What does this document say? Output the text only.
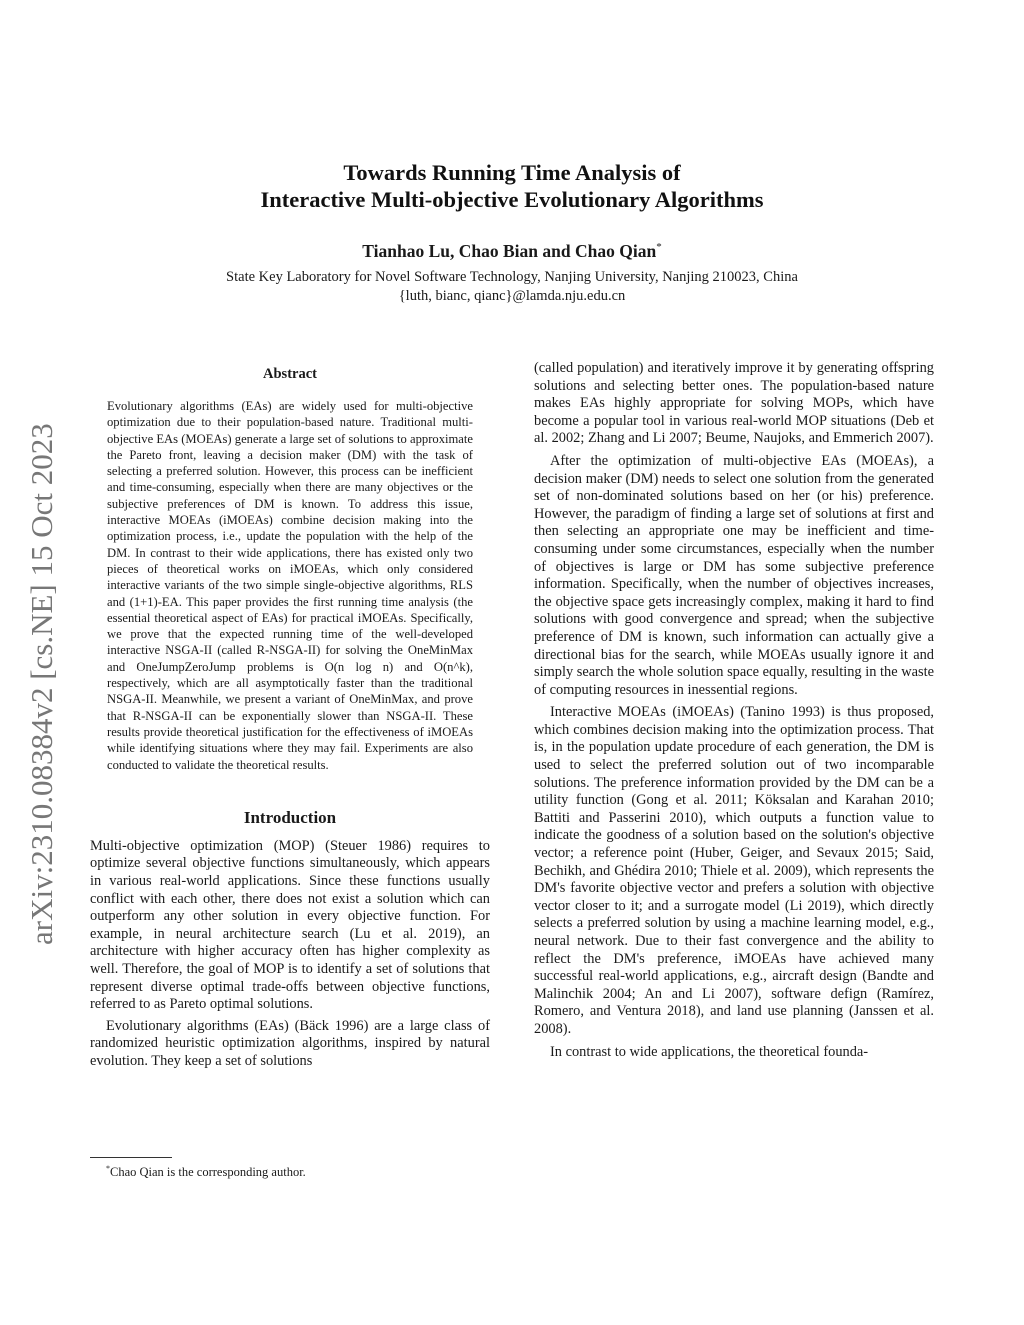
arXiv:2310.08384v2 [cs.NE] 15 Oct 2023
Towards Running Time Analysis of
Interactive Multi-objective Evolutionary Algorithms
Tianhao Lu, Chao Bian and Chao Qian*
State Key Laboratory for Novel Software Technology, Nanjing University, Nanjing 210023, China
{luth, bianc, qianc}@lamda.nju.edu.cn
Abstract
Evolutionary algorithms (EAs) are widely used for multi-objective optimization due to their population-based nature. Traditional multi-objective EAs (MOEAs) generate a large set of solutions to approximate the Pareto front, leaving a decision maker (DM) with the task of selecting a preferred solution. However, this process can be inefficient and time-consuming, especially when there are many objectives or the subjective preferences of DM is known. To address this issue, interactive MOEAs (iMOEAs) combine decision making into the optimization process, i.e., update the population with the help of the DM. In contrast to their wide applications, there has existed only two pieces of theoretical works on iMOEAs, which only considered interactive variants of the two simple single-objective algorithms, RLS and (1+1)-EA. This paper provides the first running time analysis (the essential theoretical aspect of EAs) for practical iMOEAs. Specifically, we prove that the expected running time of the well-developed interactive NSGA-II (called R-NSGA-II) for solving the OneMinMax and OneJumpZeroJump problems is O(n log n) and O(n^k), respectively, which are all asymptotically faster than the traditional NSGA-II. Meanwhile, we present a variant of OneMinMax, and prove that R-NSGA-II can be exponentially slower than NSGA-II. These results provide theoretical justification for the effectiveness of iMOEAs while identifying situations where they may fail. Experiments are also conducted to validate the theoretical results.
Introduction

Multi-objective optimization (MOP) (Steuer 1986) requires to optimize several objective functions simultaneously, which appears in various real-world applications. Since these functions usually conflict with each other, there does not exist a solution which can outperform any other solution in every objective function. For example, in neural architecture search (Lu et al. 2019), an architecture with higher accuracy often has higher complexity as well. Therefore, the goal of MOP is to identify a set of solutions that represent diverse optimal trade-offs between objective functions, referred to as Pareto optimal solutions.

Evolutionary algorithms (EAs) (Bäck 1996) are a large class of randomized heuristic optimization algorithms, inspired by natural evolution. They keep a set of solutions

(called population) and iteratively improve it by generating offspring solutions and selecting better ones. The population-based nature makes EAs highly appropriate for solving MOPs, which have become a popular tool in various real-world MOP situations (Deb et al. 2002; Zhang and Li 2007; Beume, Naujoks, and Emmerich 2007).

After the optimization of multi-objective EAs (MOEAs), a decision maker (DM) needs to select one solution from the generated set of non-dominated solutions based on her (or his) preference. However, the paradigm of finding a large set of solutions at first and then selecting an appropriate one may be inefficient and time-consuming under some circumstances, especially when the number of objectives is large or DM has some subjective preference information. Specifically, when the number of objectives increases, the objective space gets increasingly complex, making it hard to find solutions with good convergence and spread; when the subjective preference of DM is known, such information can actually give a directional bias for the search, while MOEAs usually ignore it and simply search the whole solution space equally, resulting in the waste of computing resources in inessential regions.

Interactive MOEAs (iMOEAs) (Tanino 1993) is thus proposed, which combines decision making into the optimization process. That is, in the population update procedure of each generation, the DM is used to select the preferred solution out of two incomparable solutions. The preference information provided by the DM can be a utility function (Gong et al. 2011; Köksalan and Karahan 2010; Battiti and Passerini 2010), which outputs a function value to indicate the goodness of a solution based on the solution's objective vector; a reference point (Huber, Geiger, and Sevaux 2015; Said, Bechikh, and Ghédira 2010; Thiele et al. 2009), which represents the DM's favorite objective vector and prefers a solution with objective vector closer to it; and a surrogate model (Li 2019), which directly selects a preferred solution by using a machine learning model, e.g., neural network. Due to their fast convergence and the ability to reflect the DM's preference, iMOEAs have achieved many successful real-world applications, e.g., aircraft design (Bandte and Malinchik 2004; An and Li 2007), software defign (Ramírez, Romero, and Ventura 2018), and land use planning (Janssen et al. 2008).

In contrast to wide applications, the theoretical founda-

*Chao Qian is the corresponding author.
